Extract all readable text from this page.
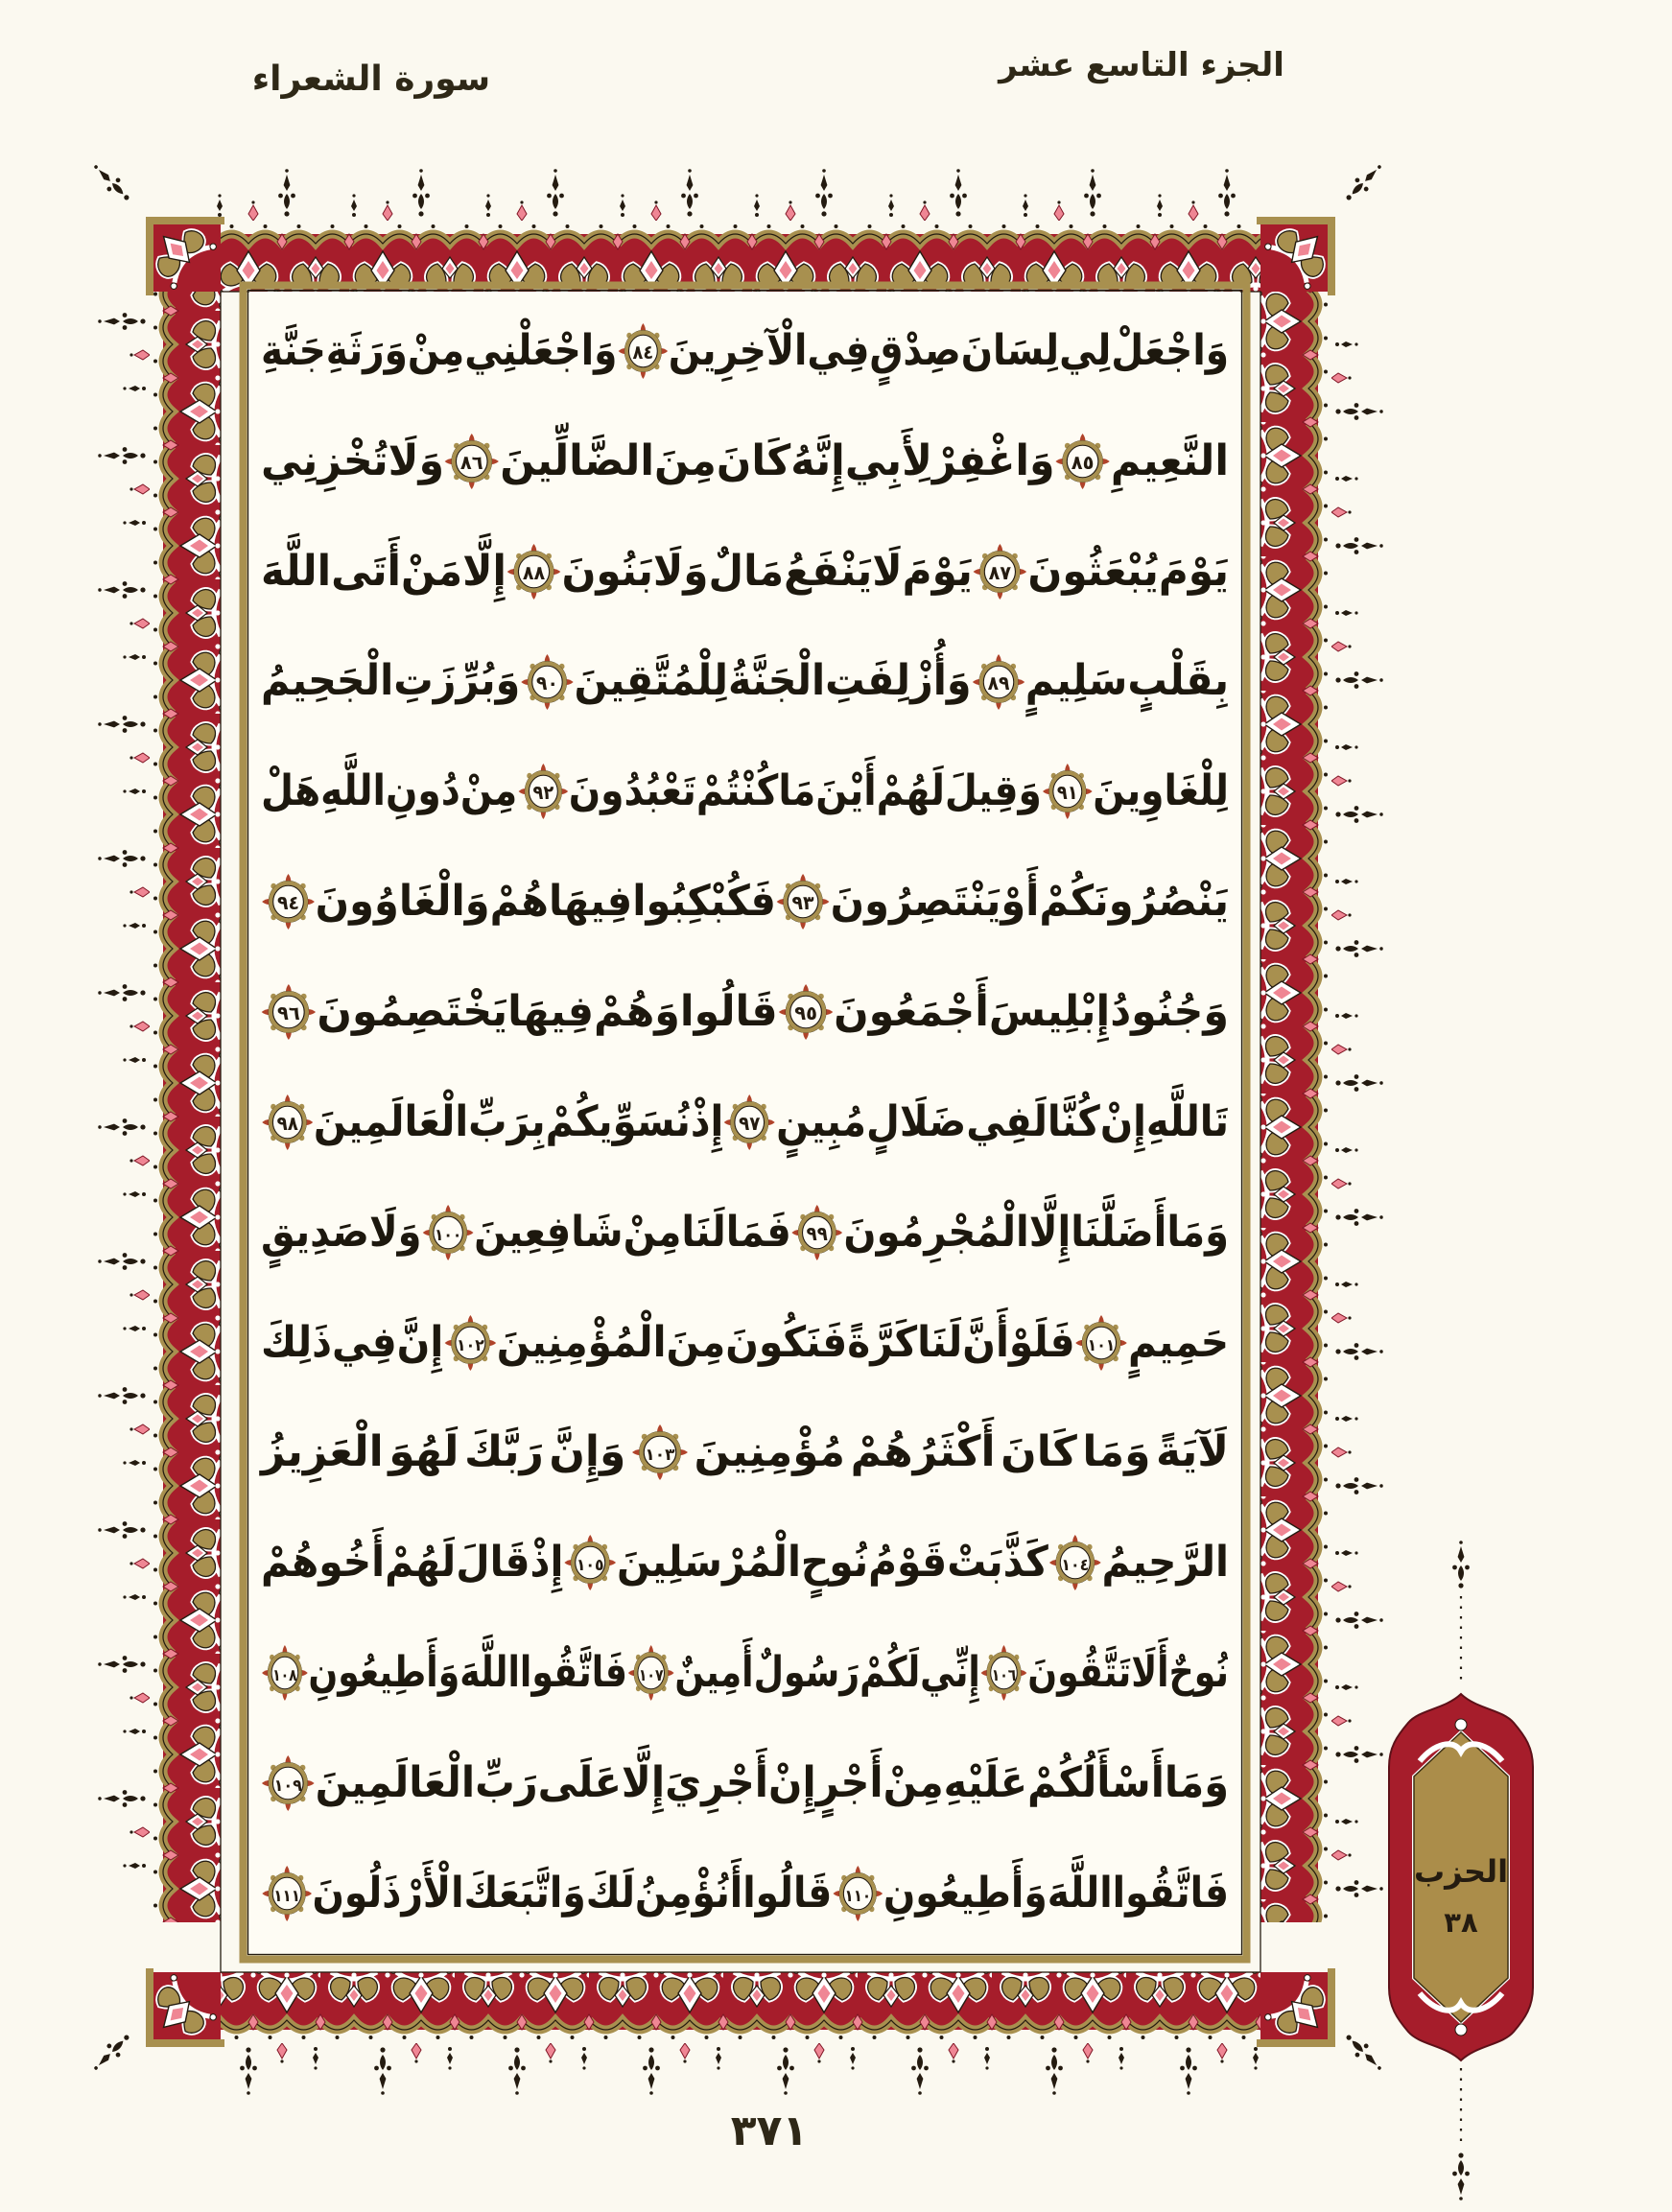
الجزء التاسع عشر
سورة الشعراء
الحزب
٣٨
وَاجْعَلْ
لِي
لِسَانَ
صِدْقٍ
فِي
الْآخِرِينَ
٨٤
وَاجْعَلْنِي
مِنْ
وَرَثَةِ
جَنَّةِ
النَّعِيمِ
٨٥
وَاغْفِرْ
لِأَبِي
إِنَّهُ
كَانَ
مِنَ
الضَّالِّينَ
٨٦
وَلَا
تُخْزِنِي
يَوْمَ
يُبْعَثُونَ
٨٧
يَوْمَ
لَا
يَنْفَعُ
مَالٌ
وَلَا
بَنُونَ
٨٨
إِلَّا
مَنْ
أَتَى
اللَّهَ
بِقَلْبٍ
سَلِيمٍ
٨٩
وَأُزْلِفَتِ
الْجَنَّةُ
لِلْمُتَّقِينَ
٩٠
وَبُرِّزَتِ
الْجَحِيمُ
لِلْغَاوِينَ
٩١
وَقِيلَ
لَهُمْ
أَيْنَ
مَا
كُنْتُمْ
تَعْبُدُونَ
٩٢
مِنْ
دُونِ
اللَّهِ
هَلْ
يَنْصُرُونَكُمْ
أَوْ
يَنْتَصِرُونَ
٩٣
فَكُبْكِبُوا
فِيهَا
هُمْ
وَالْغَاوُونَ
٩٤
وَجُنُودُ
إِبْلِيسَ
أَجْمَعُونَ
٩٥
قَالُوا
وَهُمْ
فِيهَا
يَخْتَصِمُونَ
٩٦
تَاللَّهِ
إِنْ
كُنَّا
لَفِي
ضَلَالٍ
مُبِينٍ
٩٧
إِذْ
نُسَوِّيكُمْ
بِرَبِّ
الْعَالَمِينَ
٩٨
وَمَا
أَضَلَّنَا
إِلَّا
الْمُجْرِمُونَ
٩٩
فَمَا
لَنَا
مِنْ
شَافِعِينَ
١٠٠
وَلَا
صَدِيقٍ
حَمِيمٍ
١٠١
فَلَوْ
أَنَّ
لَنَا
كَرَّةً
فَنَكُونَ
مِنَ
الْمُؤْمِنِينَ
١٠٢
إِنَّ
فِي
ذَلِكَ
لَآيَةً
وَمَا
كَانَ
أَكْثَرُهُمْ
مُؤْمِنِينَ
١٠٣
وَإِنَّ
رَبَّكَ
لَهُوَ
الْعَزِيزُ
الرَّحِيمُ
١٠٤
كَذَّبَتْ
قَوْمُ
نُوحٍ
الْمُرْسَلِينَ
١٠٥
إِذْ
قَالَ
لَهُمْ
أَخُوهُمْ
نُوحٌ
أَلَا
تَتَّقُونَ
١٠٦
إِنِّي
لَكُمْ
رَسُولٌ
أَمِينٌ
١٠٧
فَاتَّقُوا
اللَّهَ
وَأَطِيعُونِ
١٠٨
وَمَا
أَسْأَلُكُمْ
عَلَيْهِ
مِنْ
أَجْرٍ
إِنْ
أَجْرِيَ
إِلَّا
عَلَى
رَبِّ
الْعَالَمِينَ
١٠٩
فَاتَّقُوا
اللَّهَ
وَأَطِيعُونِ
١١٠
قَالُوا
أَنُؤْمِنُ
لَكَ
وَاتَّبَعَكَ
الْأَرْذَلُونَ
١١١
٣٧١
